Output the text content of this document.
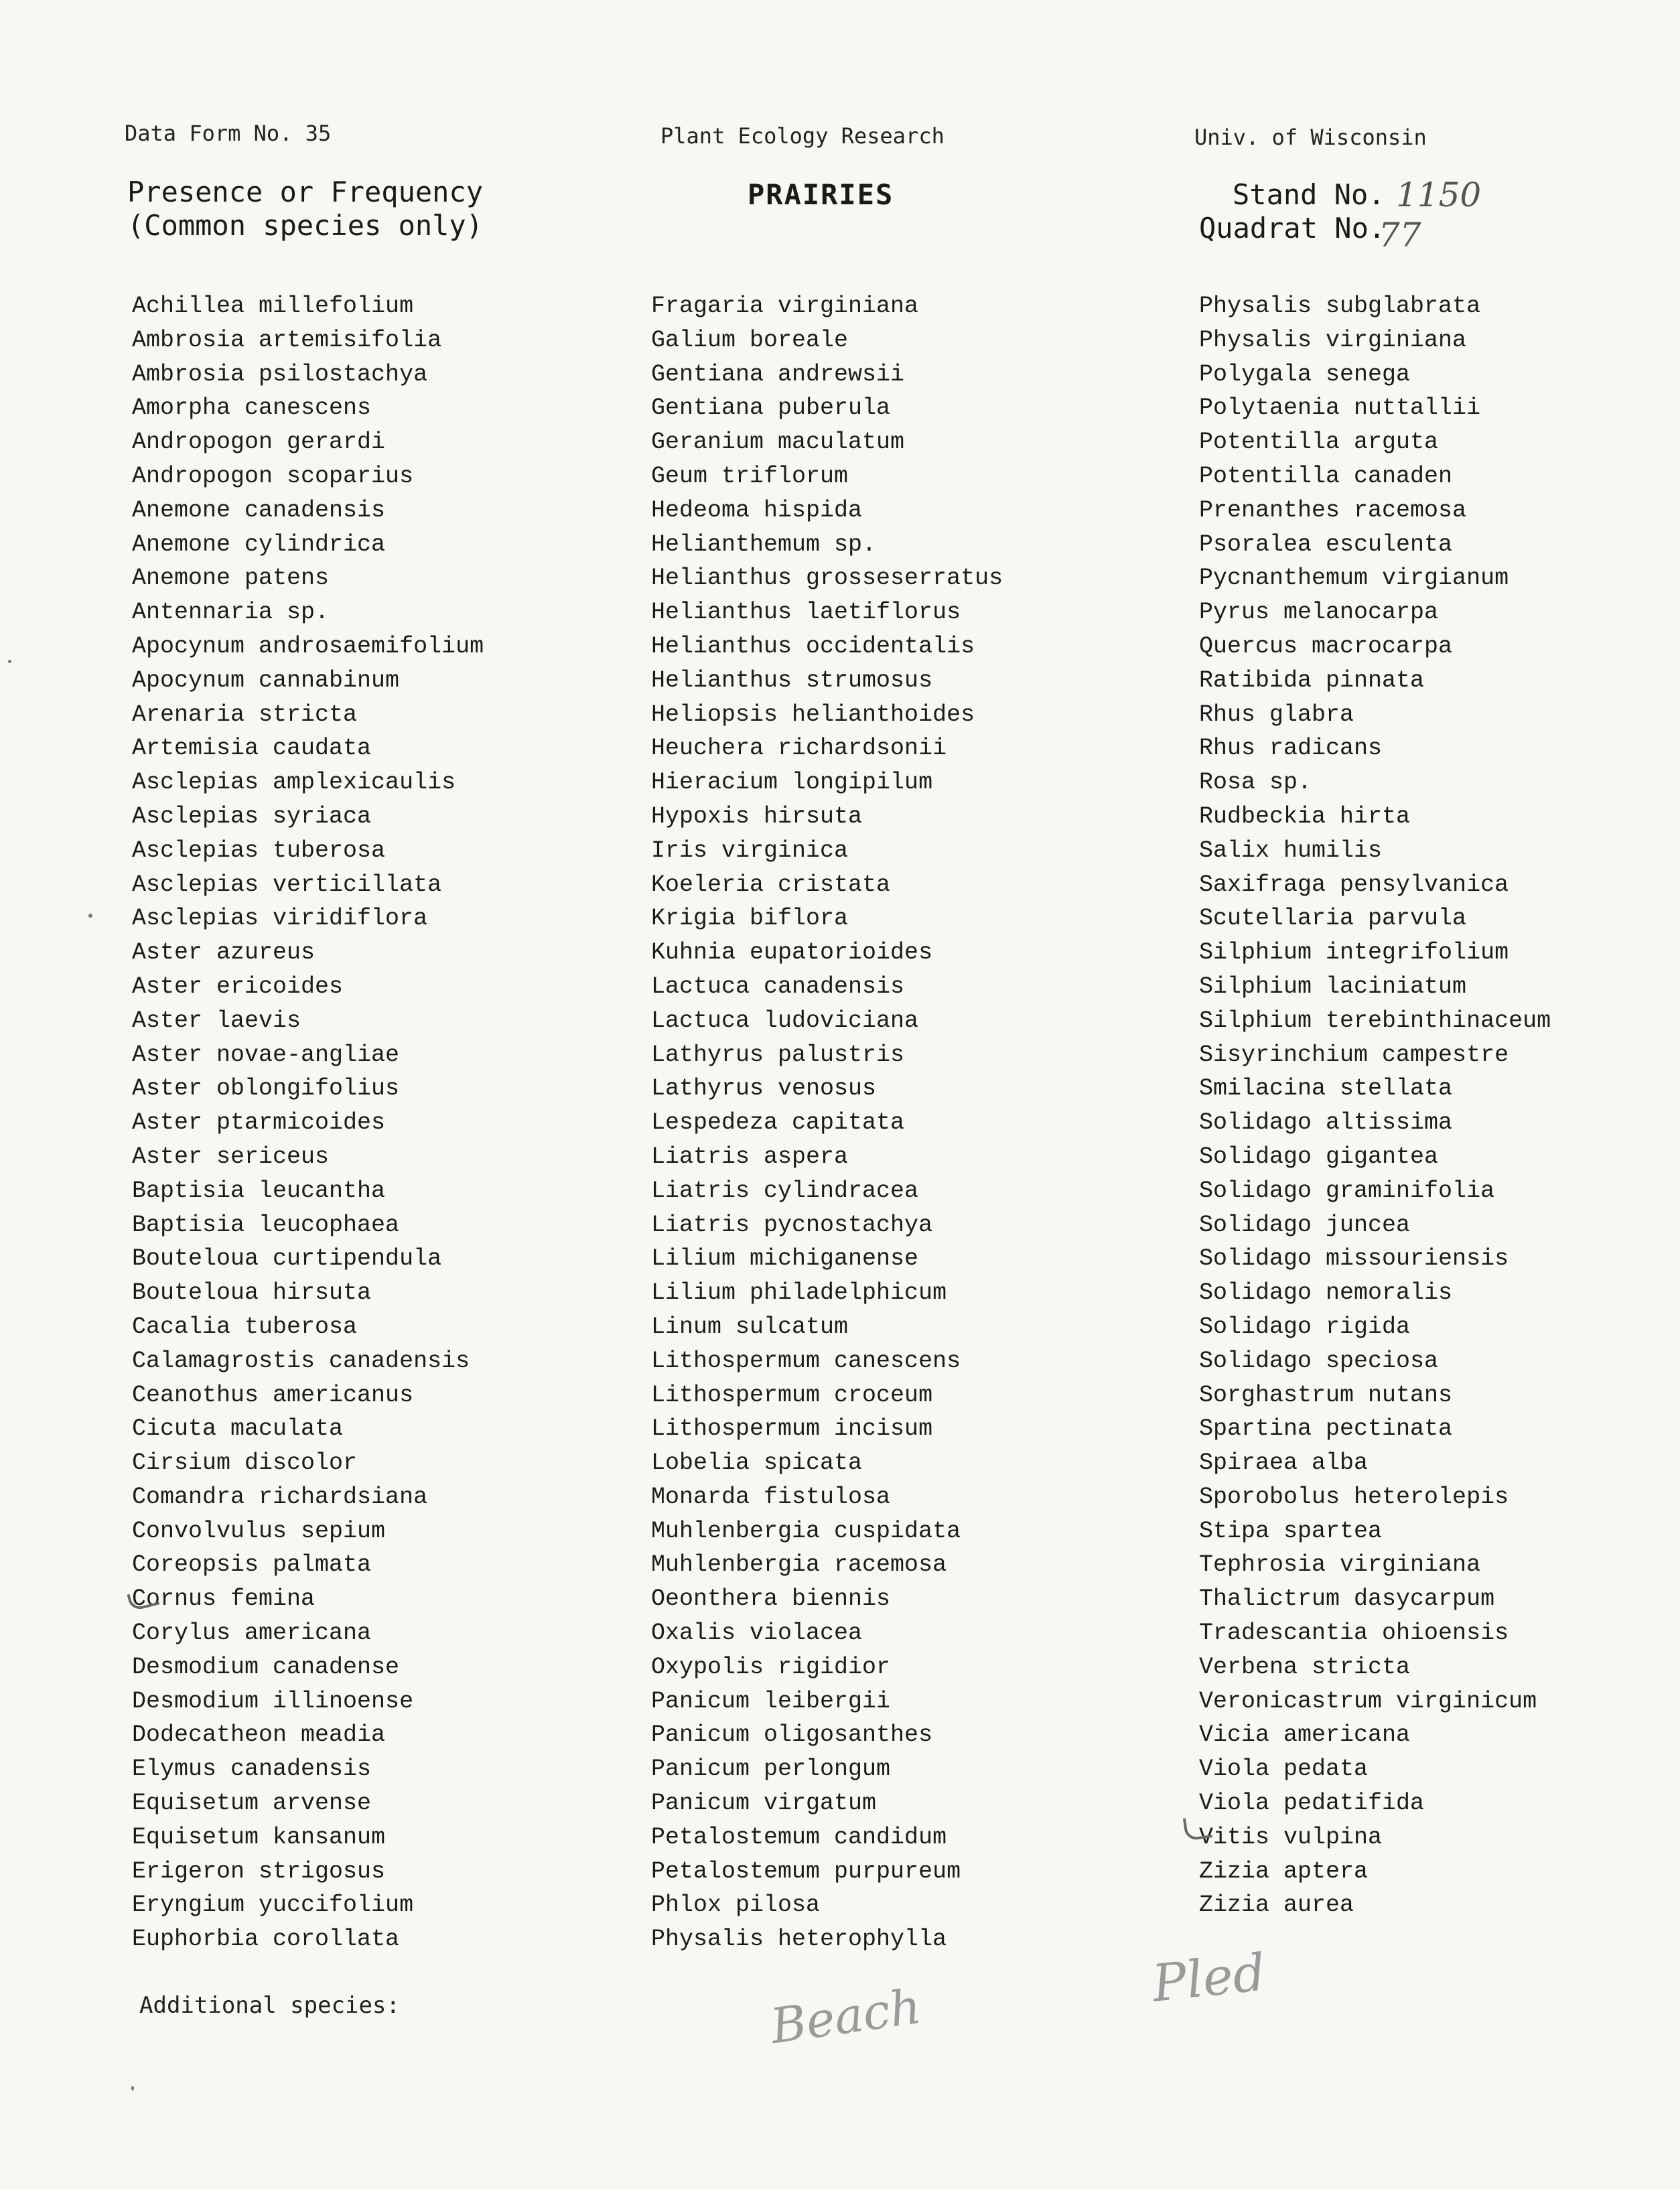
Data Form No. 35	Plant Ecology Research	Univ. of Wisconsin
Presence or Frequency
(Common species only)
PRAIRIES	Stand No. 1150
Quadrat No.
77
Achillea millefolium
Ambrosia artemisifolia
Ambrosia psilostachya
Amorpha canescens
Andropogon gerardi
Andropogon scoparius
Anemone canadensis
Anemone cylindrica
Anemone patens
Antennaria sp.
Apocynum androsaemifolium
Apocynum cannabinum
Arenaria stricta
Artemisia caudata
Asclepias amplexicaulis
Asclepias syriaca
Asclepias tuberosa
Asclepias verticillata
Asclepias viridiflora
Aster azureus
Aster ericoides
Aster laevis
Aster novae-angliae
Aster oblongifolius
Aster ptarmicoides
Aster sericeus
Baptisia leucantha
Baptisia leucophaea
Bouteloua curtipendula
Bouteloua hirsuta
Cacalia tuberosa
Calamagrostis canadensis
Ceanothus americanus
Cicuta maculata
Cirsium discolor
Comandra richardsiana
Convolvulus sepium
Coreopsis palmata
Cornus femina
Corylus americana
Desmodium canadense
Desmodium illinoense
Dodecatheon meadia
Elymus canadensis
Equisetum arvense
Equisetum kansanum
Erigeron strigosus
Eryngium yuccifolium
Euphorbia corollata
Fragaria virginiana
Galium boreale
Gentiana andrewsii
Gentiana puberula
Geranium maculatum
Geum triflorum
Hedeoma hispida
Helianthemum sp.
Helianthus grosseserratus
Helianthus laetiflorus
Helianthus occidentalis
Helianthus strumosus
Heliopsis helianthoides
Heuchera richardsonii
Hieracium longipilum
Hypoxis hirsuta
Iris virginica
Koeleria cristata
Krigia biflora
Kuhnia eupatorioides
Lactuca canadensis
Lactuca ludoviciana
Lathyrus palustris
Lathyrus venosus
Lespedeza capitata
Liatris aspera
Liatris cylindracea
Liatris pycnostachya
Lilium michiganense
Lilium philadelphicum
Linum sulcatum
Lithospermum canescens
Lithospermum croceum
Lithospermum incisum
Lobelia spicata
Monarda fistulosa
Muhlenbergia cuspidata
Muhlenbergia racemosa
Oeonthera biennis
Oxalis violacea
Oxypolis rigidior
Panicum leibergii
Panicum oligosanthes
Panicum perlongum
Panicum virgatum
Petalostemum candidum
Petalostemum purpureum
Phlox pilosa
Physalis heterophylla
Physalis subglabrata
Physalis virginiana
Polygala senega
Polytaenia nuttallii
Potentilla arguta
Potentilla canaden
Prenanthes racemosa
Psoralea esculenta
Pycnanthemum virgianum
Pyrus melanocarpa
Quercus macrocarpa
Ratibida pinnata
Rhus glabra
Rhus radicans
Rosa sp.
Rudbeckia hirta
Salix humilis
Saxifraga pensylvanica
Scutellaria parvula
Silphium integrifolium
Silphium laciniatum
Silphium terebinthinaceum
Sisyrinchium campestre
Smilacina stellata
Solidago altissima
Solidago gigantea
Solidago graminifolia
Solidago juncea
Solidago missouriensis
Solidago nemoralis
Solidago rigida
Solidago speciosa
Sorghastrum nutans
Spartina pectinata
Spiraea alba
Sporobolus heterolepis
Stipa spartea
Tephrosia virginiana
Thalictrum dasycarpum
Tradescantia ohioensis
Verbena stricta
Veronicastrum virginicum
Vicia americana
Viola pedata
Viola pedatifida
Vitis vulpina
Zizia aptera
Zizia aurea
Additional species:	Beach
Pled
